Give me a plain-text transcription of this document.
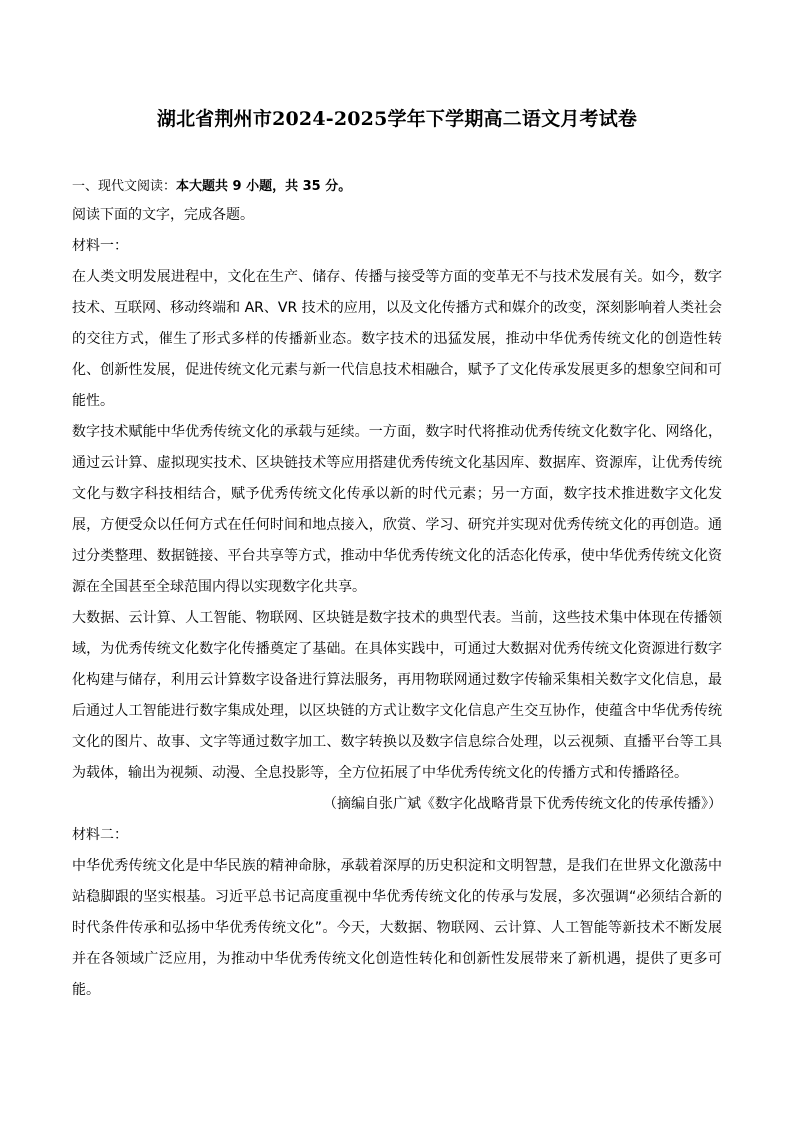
湖北省荆州市2024-2025学年下学期高二语文月考试卷

一、现代文阅读：本大题共 9 小题，共 35 分。

阅读下面的文字，完成各题。

材料一：

在人类文明发展进程中，文化在生产、储存、传播与接受等方面的变革无不与技术发展有关。如今，数字技术、互联网、移动终端和 AR、VR 技术的应用，以及文化传播方式和媒介的改变，深刻影响着人类社会的交往方式，催生了形式多样的传播新业态。数字技术的迅猛发展，推动中华优秀传统文化的创造性转化、创新性发展，促进传统文化元素与新一代信息技术相融合，赋予了文化传承发展更多的想象空间和可能性。

数字技术赋能中华优秀传统文化的承载与延续。一方面，数字时代将推动优秀传统文化数字化、网络化，通过云计算、虚拟现实技术、区块链技术等应用搭建优秀传统文化基因库、数据库、资源库，让优秀传统文化与数字科技相结合，赋予优秀传统文化传承以新的时代元素；另一方面，数字技术推进数字文化发展，方便受众以任何方式在任何时间和地点接入，欣赏、学习、研究并实现对优秀传统文化的再创造。通过分类整理、数据链接、平台共享等方式，推动中华优秀传统文化的活态化传承，使中华优秀传统文化资源在全国甚至全球范围内得以实现数字化共享。

大数据、云计算、人工智能、物联网、区块链是数字技术的典型代表。当前，这些技术集中体现在传播领域，为优秀传统文化数字化传播奠定了基础。在具体实践中，可通过大数据对优秀传统文化资源进行数字化构建与储存，利用云计算数字设备进行算法服务，再用物联网通过数字传输采集相关数字文化信息，最后通过人工智能进行数字集成处理，以区块链的方式让数字文化信息产生交互协作，使蕴含中华优秀传统文化的图片、故事、文字等通过数字加工、数字转换以及数字信息综合处理，以云视频、直播平台等工具为载体，输出为视频、动漫、全息投影等，全方位拓展了中华优秀传统文化的传播方式和传播路径。

（摘编自张广斌《数字化战略背景下优秀传统文化的传承传播》）

材料二：

中华优秀传统文化是中华民族的精神命脉，承载着深厚的历史积淀和文明智慧，是我们在世界文化激荡中站稳脚跟的坚实根基。习近平总书记高度重视中华优秀传统文化的传承与发展，多次强调“必须结合新的时代条件传承和弘扬中华优秀传统文化”。今天，大数据、物联网、云计算、人工智能等新技术不断发展并在各领域广泛应用，为推动中华优秀传统文化创造性转化和创新性发展带来了新机遇，提供了更多可能。
